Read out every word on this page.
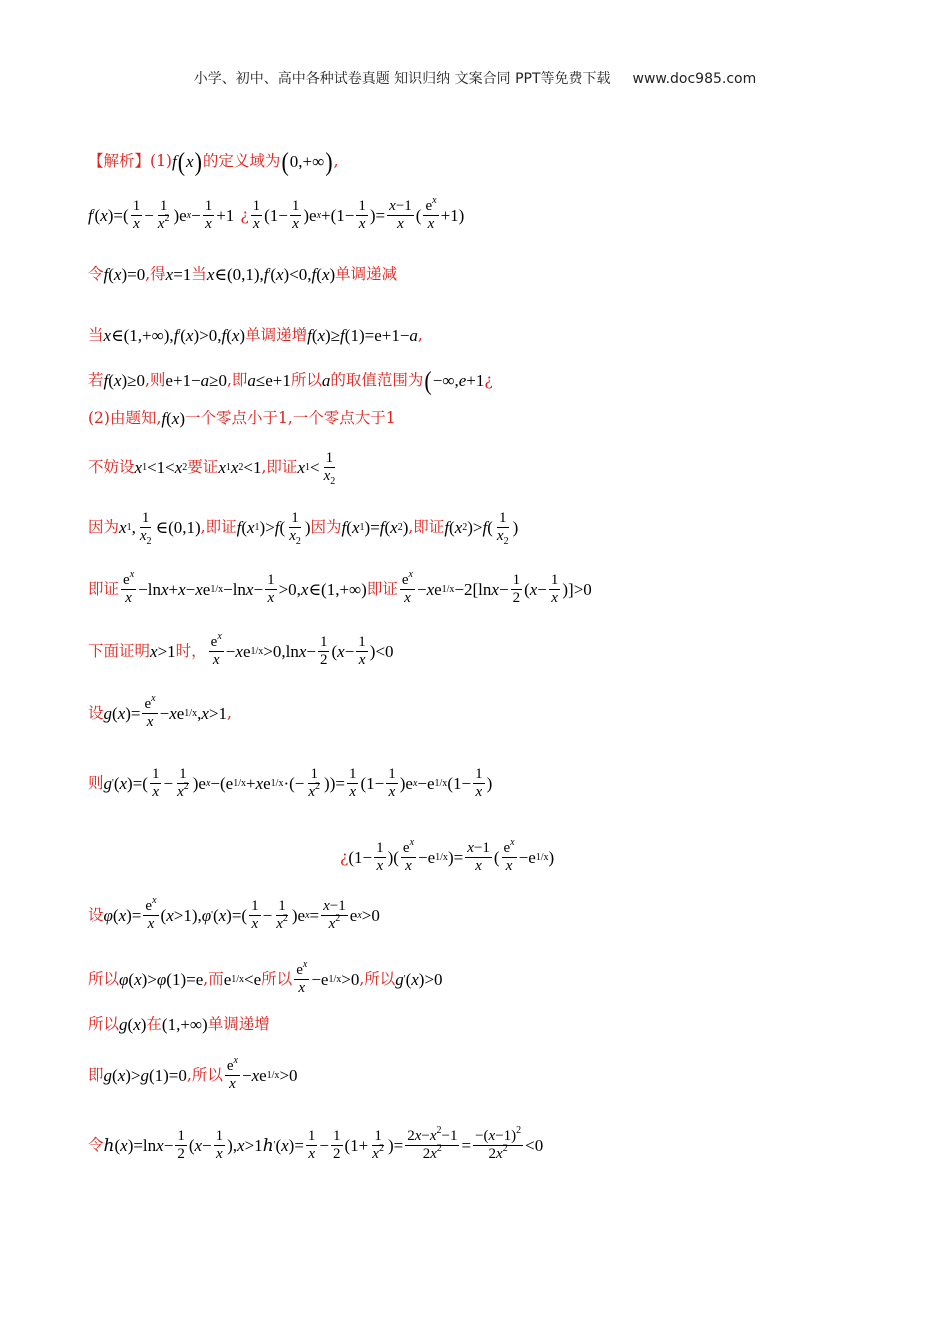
小学、初中、高中各种试卷真题 知识归纳 文案合同 PPT等免费下载 www.doc985.com
【解析】 (1) f ( x ) 的定义域为 ( 0 ,+∞ ) ,
f ' ( x )=( $\frac{1}{x} - \frac{1}{x^2} )e$ $x - \frac{1}{x} +1$ ¿ $\frac{1}{x} (1- \frac{1}{x} )e$ $x +(1- \frac{1}{x}$ )= $\frac{x-1}{x}$ ( $\frac{e^x}{x} +1$)
令 f ( x )=0 ,得 x =1 当 x ∈(0,1), f ' ( x )<0, f ( x ) 单调递减
当 x ∈(1,+∞), f ' ( x )>0, f ( x ) 单调递增 f ( x )≥ f (1)=e+1− a ,
若 f ( x )≥0 ,则 e+1− a ≥0 ,即 a ≤e+1 所以 a 的取值范围为 ( −∞, e +1 ¿
(2)由题知, f ( x ) 一个零点小于1,一个零点大于1
不妨设 x 1 <1< x 2 要证 x 1 x 2 <1 ,即证 x $1 < \frac{1}{x_2}$
因为 x 1 , $\frac{1}{x_2}$ ∈(0,1) ,即证 f ( x 1 )> f ( $\frac{1}{x_2}$ ) 因为 f ( x 1 )= f ( x 2 ) ,即证 f ( x 2 )> f ( $\frac{1}{x_2}$ )
即证 $\frac{e^x}{x} -\ln$ x + x − x e 1/x −ln $x - \frac{1}{x} >0$, x ∈(1,+∞) 即证 $\frac{e^x}{x} - x$ e 1/x −2[ln $x - \frac{1}{2}$ ( $x - \frac{1}{x} )]>0$
下面证明 x >1 时， $\frac{e^x}{x} - x$ e 1/x >0,ln $x - \frac{1}{2}$ ( $x - \frac{1}{x} )<0$
设 g ( x )= $\frac{e^x}{x} - x$ e 1/x , x >1 ,
则 g ' ( x )=( $\frac{1}{x} - \frac{1}{x^2} )e$ x −(e 1/x + x e 1/x ·(− $\frac{1}{x^2}$ ))= $\frac{1}{x} (1- \frac{1}{x} )e$ x −e 1/x ($1- \frac{1}{x}$ )
¿ ($1- \frac{1}{x}$ )( $\frac{e^x}{x} -e$ 1/x )= $\frac{x-1}{x}$ ( $\frac{e^x}{x} -e$ 1/x )
设 φ ( x )= $\frac{e^x}{x}$ ( x >1), φ ' ( x )=( $\frac{1}{x} - \frac{1}{x^2} )e$ $x = \frac{x-1}{x^2}$ e x >0
所以 φ ( x )> φ (1)=e ,而 e 1/x <e 所以 $\frac{e^x}{x} -e$ 1/x >0 ,所以 g ' ( x )>0
所以 g ( x ) 在 (1,+∞) 单调递增
即 g ( x )> g (1)=0 ,所以 $\frac{e^x}{x} - x$ e 1/x >0
令 ℎ ( x )=ln $x - \frac{1}{2}$ ( $x - \frac{1}{x}$ ), x >1 ℎ ' ( x )= $\frac{1}{x} - \frac{1}{2} (1+ \frac{1}{x^2}$ )= $\frac{2x-x^2-1}{2x^2} = \frac{-(x-1)^2}{2x^2} <0$
